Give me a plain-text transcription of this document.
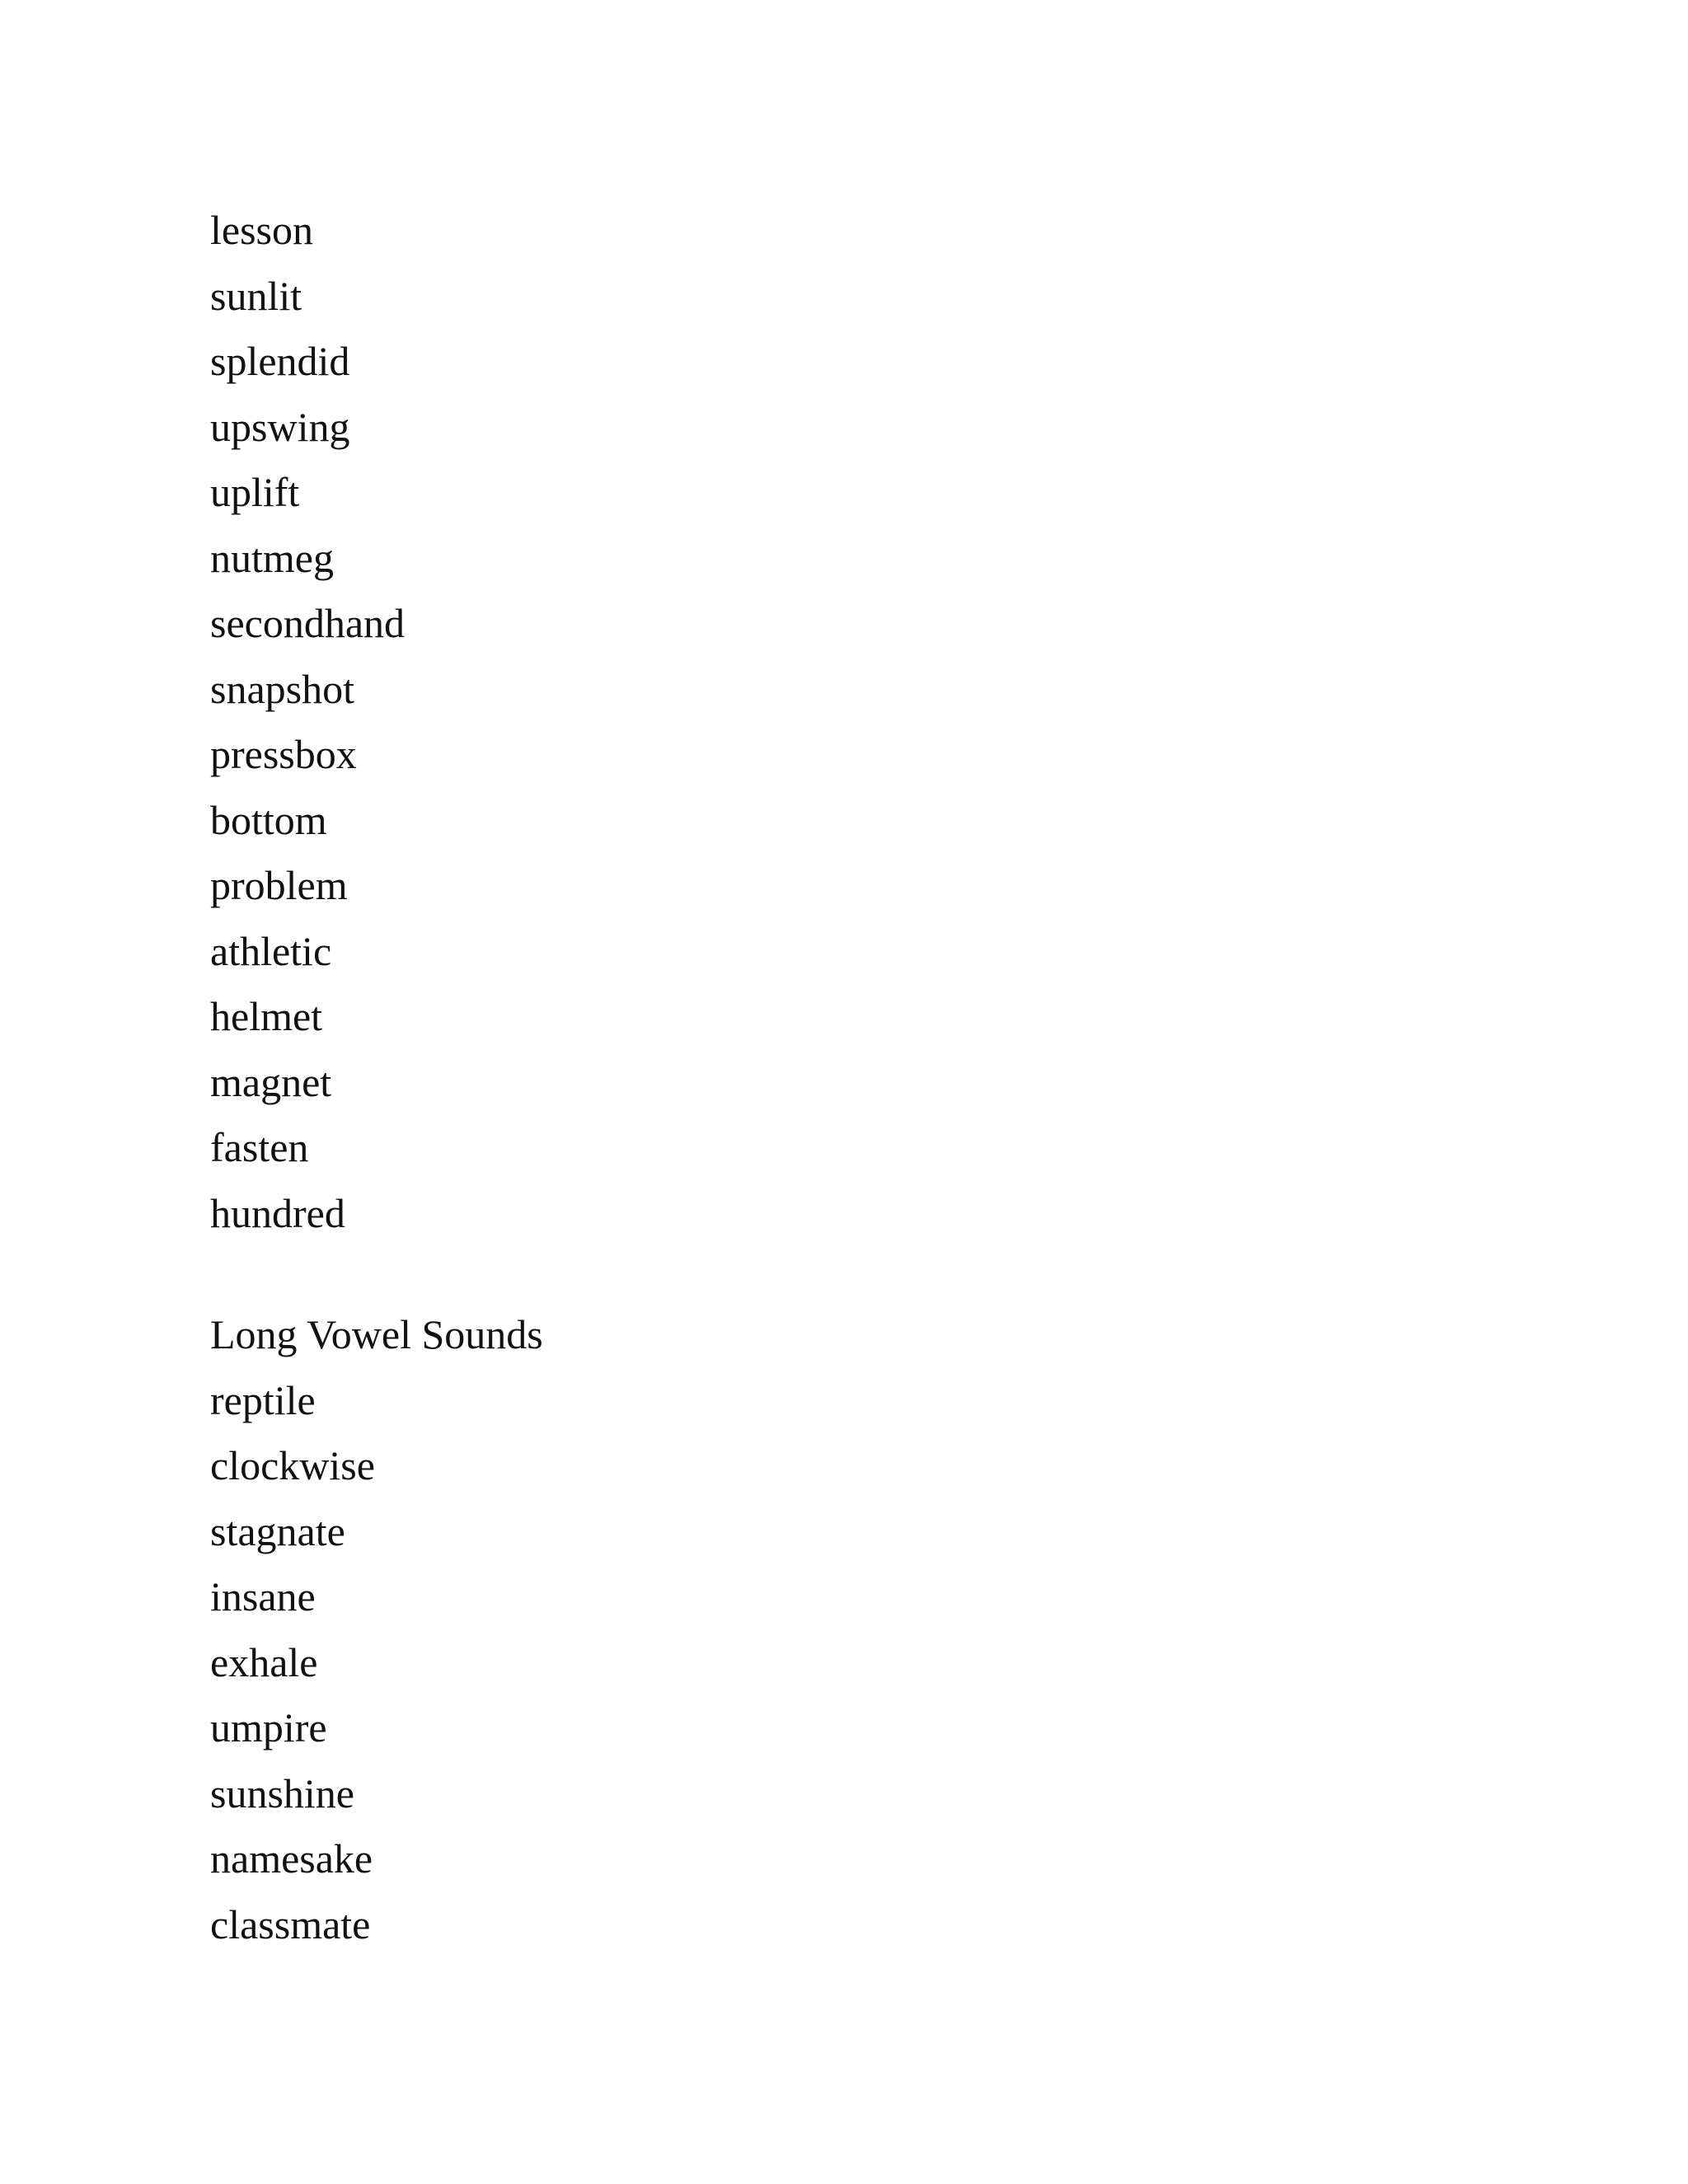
lesson
sunlit
splendid
upswing
uplift
nutmeg
secondhand
snapshot
pressbox
bottom
problem
athletic
helmet
magnet
fasten
hundred
Long Vowel Sounds
reptile
clockwise
stagnate
insane
exhale
umpire
sunshine
namesake
classmate
